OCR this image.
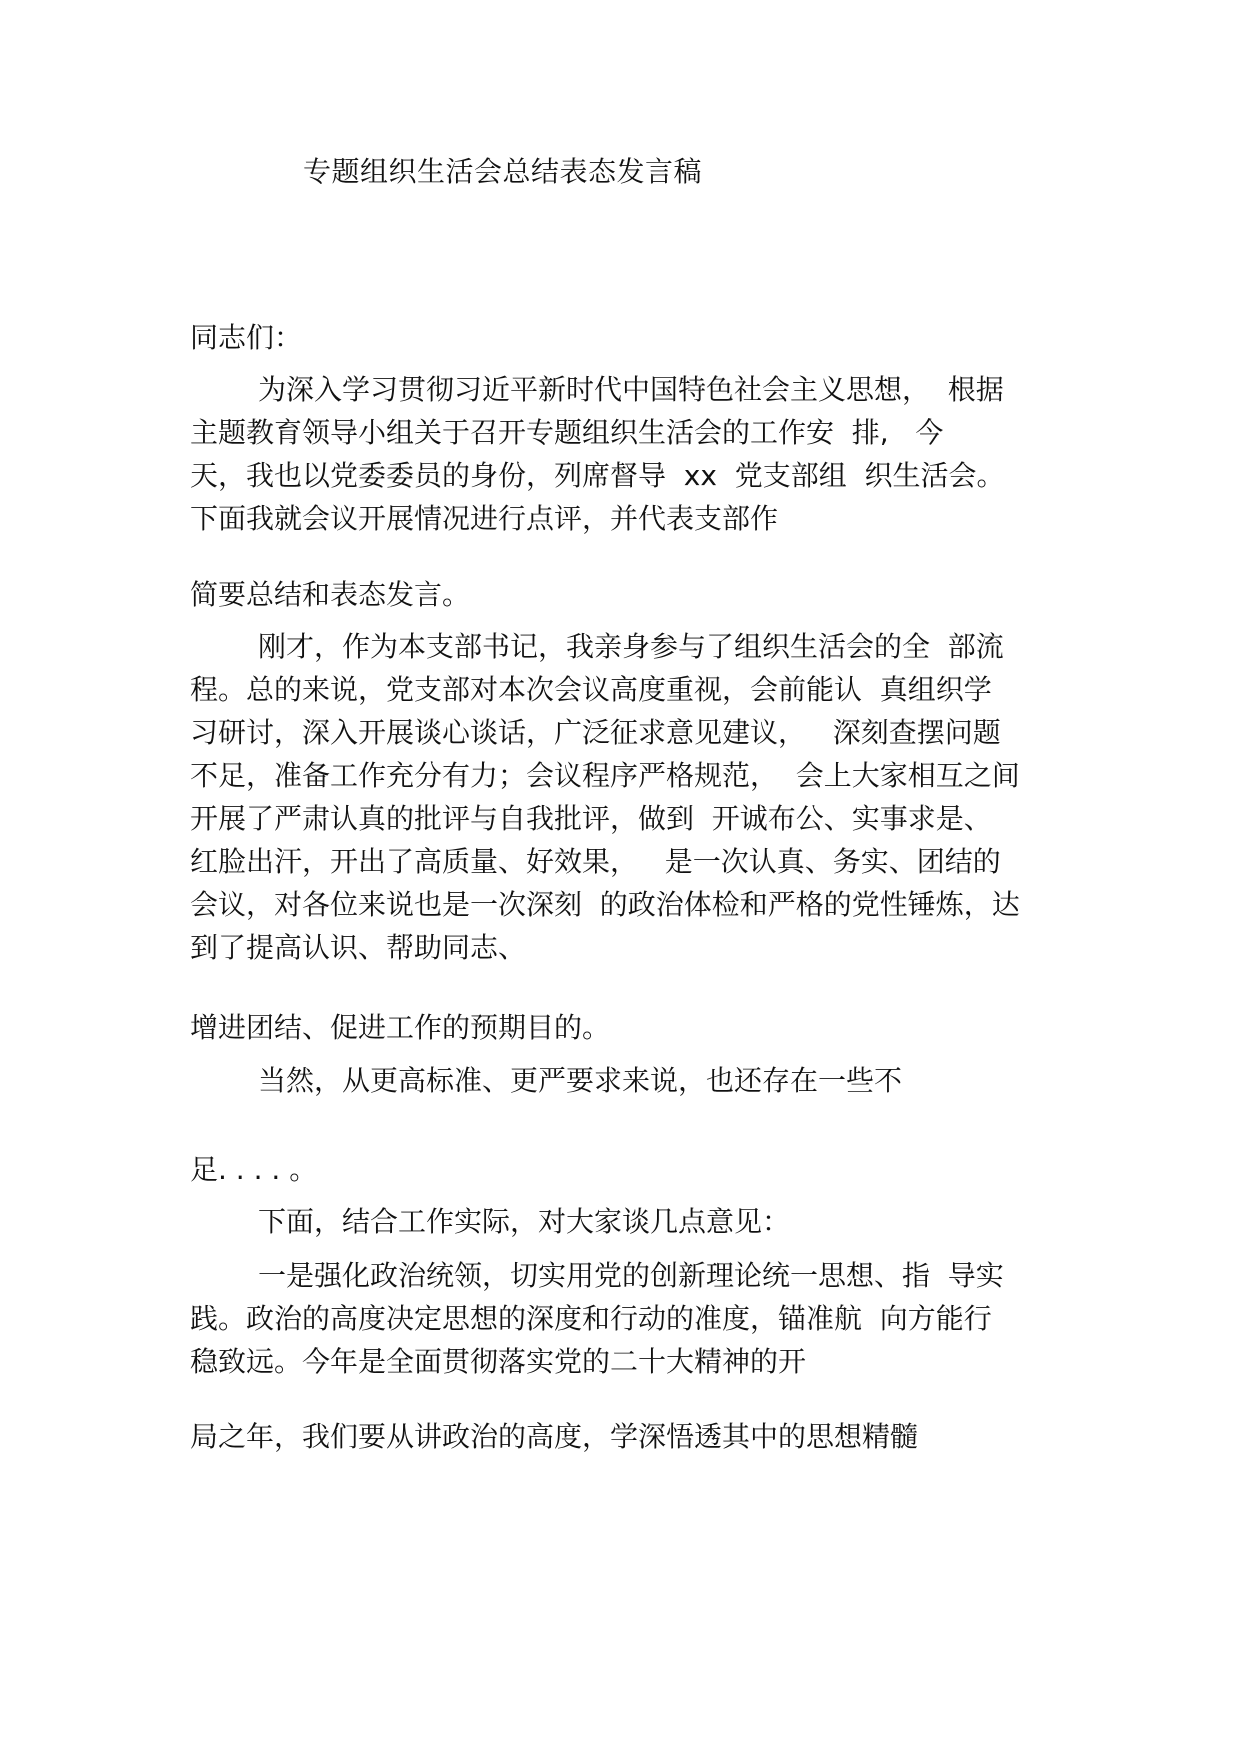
专题组织生活会总结表态发言稿
同志们：
为深入学习贯彻习近平新时代中国特色社会主义思想，  根据
主题教育领导小组关于召开专题组织生活会的工作安  排,   今
天，我也以党委委员的身份，列席督导  xx  党支部组  织生活会。
下面我就会议开展情况进行点评，并代表支部作
简要总结和表态发言。
刚才，作为本支部书记，我亲身参与了组织生活会的全  部流
程。总的来说，党支部对本次会议高度重视，会前能认  真组织学
习研讨，深入开展谈心谈话，广泛征求意见建议，   深刻查摆问题
不足，准备工作充分有力；会议程序严格规范，  会上大家相互之间
开展了严肃认真的批评与自我批评，做到  开诚布公、实事求是、
红脸出汗，开出了高质量、好效果，   是一次认真、务实、团结的
会议，对各位来说也是一次深刻  的政治体检和严格的党性锤炼，达
到了提高认识、帮助同志、
增进团结、促进工作的预期目的。
当然，从更高标准、更严要求来说，也还存在一些不
足. . . . 。
下面，结合工作实际，对大家谈几点意见：
一是强化政治统领，切实用党的创新理论统一思想、指  导实
践。政治的高度决定思想的深度和行动的准度，锚准航  向方能行
稳致远。今年是全面贯彻落实党的二十大精神的开
局之年，我们要从讲政治的高度，学深悟透其中的思想精髓
